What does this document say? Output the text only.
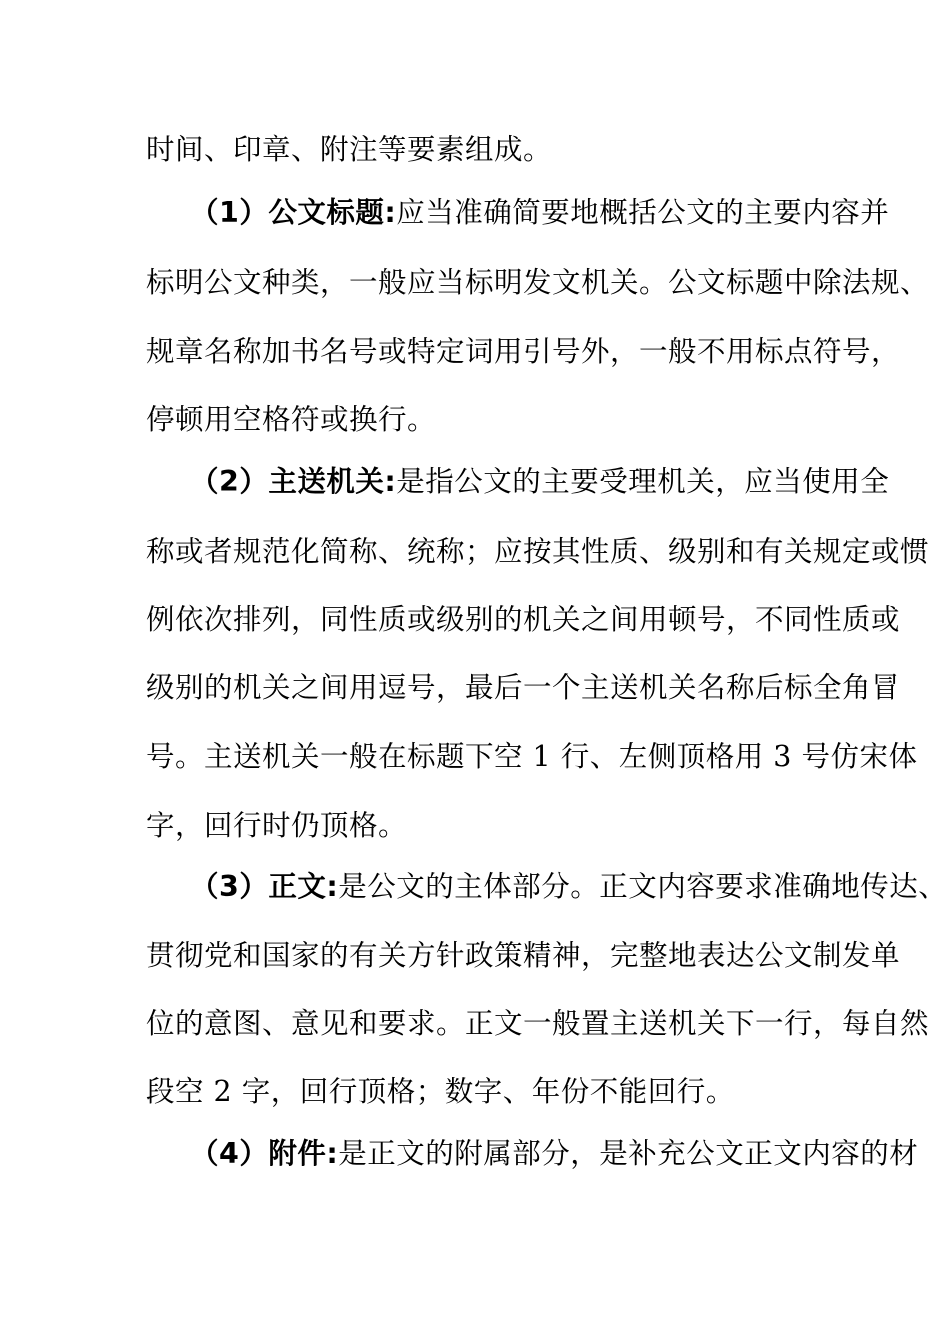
时间、印章、附注等要素组成。
（1）公文标题:应当准确简要地概括公文的主要内容并
标明公文种类，一般应当标明发文机关。公文标题中除法规、
规章名称加书名号或特定词用引号外，一般不用标点符号，
停顿用空格符或换行。
（2）主送机关:是指公文的主要受理机关，应当使用全
称或者规范化简称、统称；应按其性质、级别和有关规定或惯
例依次排列，同性质或级别的机关之间用顿号，不同性质或
级别的机关之间用逗号，最后一个主送机关名称后标全角冒
号。主送机关一般在标题下空 1 行、左侧顶格用 3 号仿宋体
字，回行时仍顶格。
（3）正文:是公文的主体部分。正文内容要求准确地传达、
贯彻党和国家的有关方针政策精神，完整地表达公文制发单
位的意图、意见和要求。正文一般置主送机关下一行，每自然
段空 2 字，回行顶格；数字、年份不能回行。
（4）附件:是正文的附属部分，是补充公文正文内容的材
